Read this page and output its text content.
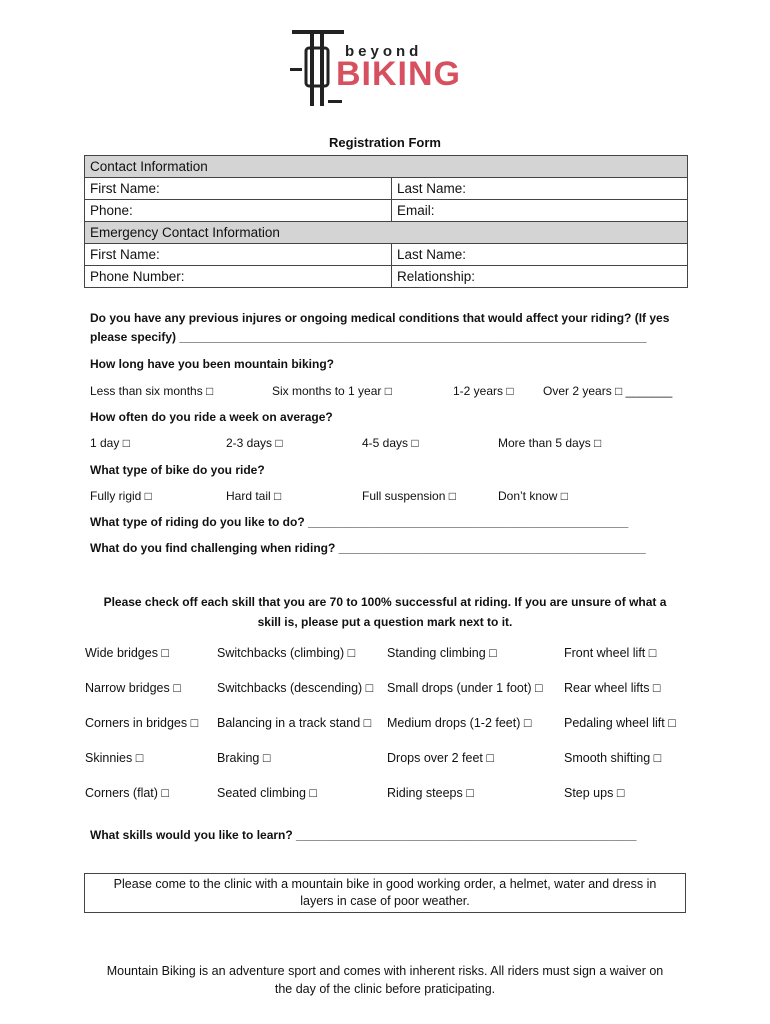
beyond
BIKING
Registration Form
Contact Information	
First Name:	Last Name:
Phone:	Email:
Emergency Contact Information	
First Name:	Last Name:
Phone Number:	Relationship:
Do you have any previous injures or ongoing medical conditions that would affect your riding? (If yes
please specify) ______________________________________________________________________
How long have you been mountain biking?
Less than six months □	Six months to 1 year □	1-2 years □ Over 2 years □ _______
How often do you ride a week on average?
1 day □	2-3 days □	4-5 days □	More than 5 days □
What type of bike do you ride?
Fully rigid □	Hard tail □	Full suspension □	Don’t know □
What type of riding do you like to do? ________________________________________________
What do you find challenging when riding? ______________________________________________
Please check off each skill that you are 70 to 100% successful at riding. If you are unsure of what a
skill is, please put a question mark next to it.
Wide bridges □	Switchbacks (climbing) □	Standing climbing □	Front wheel lift □
Narrow bridges □	Switchbacks (descending) □ Small drops (under 1 foot) □ Rear wheel lifts □
Corners in bridges □ Balancing in a track stand □ Medium drops (1-2 feet) □	Pedaling wheel lift □
Skinnies □	Braking □	Drops over 2 feet □	Smooth shifting □
Corners (flat) □	Seated climbing □	Riding steeps □	Step ups □
What skills would you like to learn? ___________________________________________________
Please come to the clinic with a mountain bike in good working order, a helmet, water and dress in
layers in case of poor weather.
Mountain Biking is an adventure sport and comes with inherent risks. All riders must sign a waiver on
the day of the clinic before praticipating.
